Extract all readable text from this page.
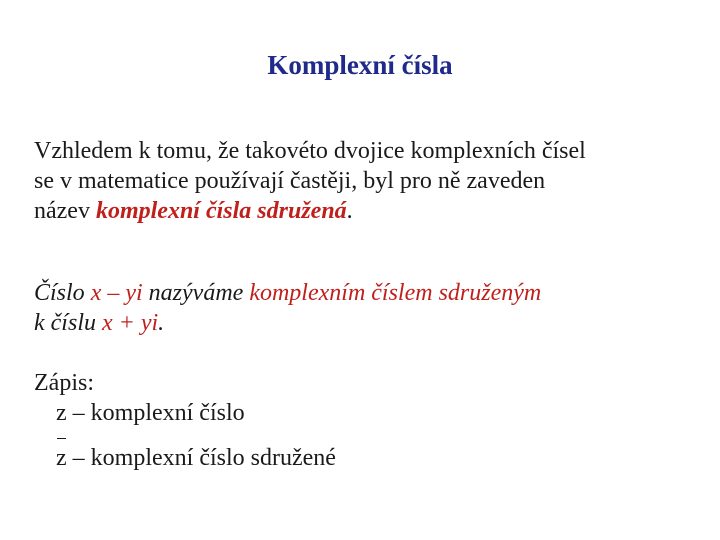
Komplexní čísla
Vzhledem k tomu, že takovéto dvojice komplexních čísel
se v matematice používají častěji, byl pro ně zaveden
název komplexní čísla sdružená.
Číslo x – yi nazýváme komplexním číslem sdruženým
k číslu x + yi.
Zápis:
z – komplexní číslo
z – komplexní číslo sdružené
